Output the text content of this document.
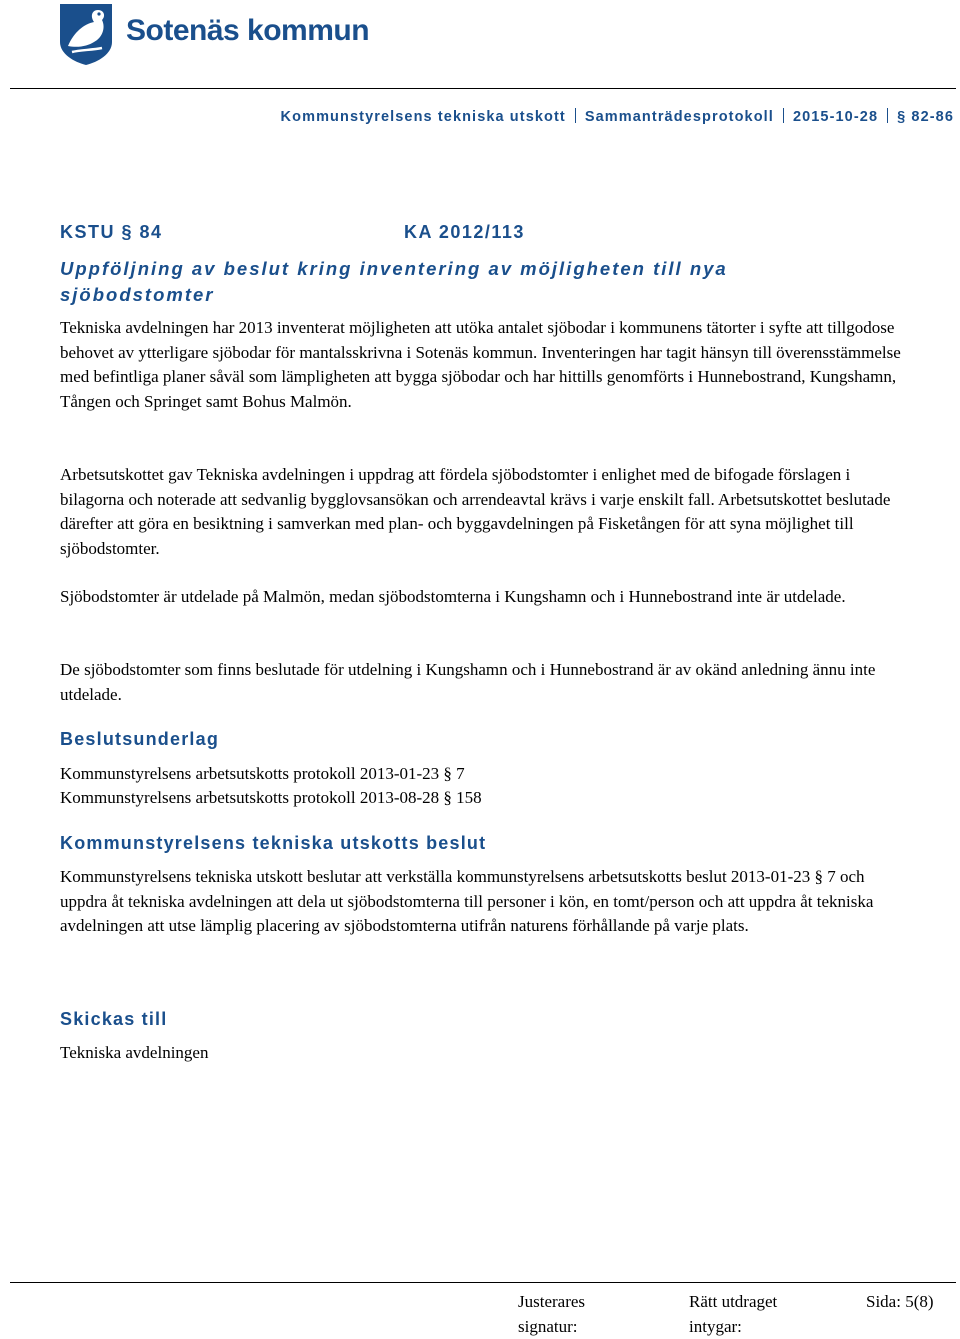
Sotenäs kommun
Kommunstyrelsens tekniska utskott Sammanträdesprotokoll 2015-10-28 § 82-86
KSTU § 84	KA 2012/113
Uppföljning av beslut kring inventering av möjligheten till nya sjöbodstomter
Tekniska avdelningen har 2013 inventerat möjligheten att utöka antalet sjöbodar i kommunens tätorter i syfte att tillgodose behovet av ytterligare sjöbodar för mantalsskrivna i Sotenäs kommun. Inventeringen har tagit hänsyn till överensstämmelse med befintliga planer såväl som lämpligheten att bygga sjöbodar och har hittills genomförts i Hunnebostrand, Kungshamn, Tången och Springet samt Bohus Malmön.
Arbetsutskottet gav Tekniska avdelningen i uppdrag att fördela sjöbodstomter i enlighet med de bifogade förslagen i bilagorna och noterade att sedvanlig bygglovsansökan och arrendeavtal krävs i varje enskilt fall. Arbetsutskottet beslutade därefter att göra en besiktning i samverkan med plan- och byggavdelningen på Fisketången för att syna möjlighet till sjöbodstomter.
Sjöbodstomter är utdelade på Malmön, medan sjöbodstomterna i Kungshamn och i Hunnebostrand inte är utdelade.
De sjöbodstomter som finns beslutade för utdelning i Kungshamn och i Hunnebostrand är av okänd anledning ännu inte utdelade.
Beslutsunderlag
Kommunstyrelsens arbetsutskotts protokoll 2013-01-23 § 7
Kommunstyrelsens arbetsutskotts protokoll 2013-08-28 § 158
Kommunstyrelsens tekniska utskotts beslut
Kommunstyrelsens tekniska utskott beslutar att verkställa kommunstyrelsens arbetsutskotts beslut 2013-01-23 § 7 och uppdra åt tekniska avdelningen att dela ut sjöbodstomterna till personer i kön, en tomt/person och att uppdra åt tekniska avdelningen att utse lämplig placering av sjöbodstomterna utifrån naturens förhållande på varje plats.
Skickas till
Tekniska avdelningen
Justerares signatur:
Rätt utdraget intygar:
Sida: 5(8)
